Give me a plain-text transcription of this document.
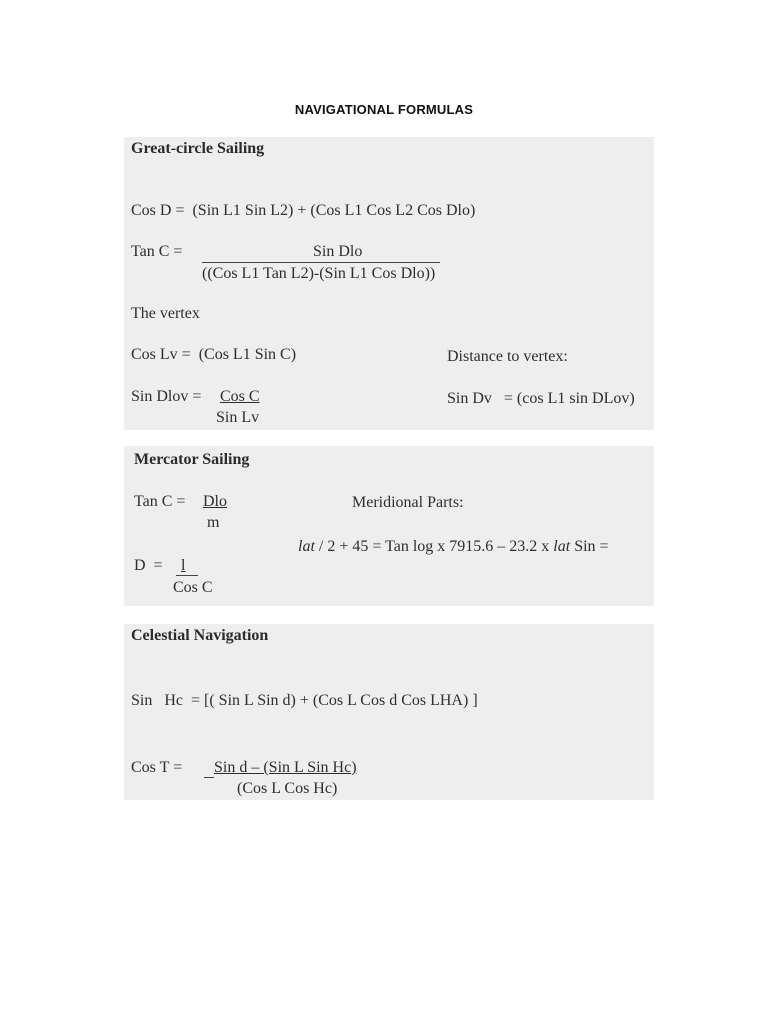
NAVIGATIONAL FORMULAS
Great-circle Sailing
Cos D =  (Sin L1 Sin L2) + (Cos L1 Cos L2 Cos Dlo)
Tan C =	Sin Dlo
((Cos L1 Tan L2)-(Sin L1 Cos Dlo))
The vertex
Cos Lv =  (Cos L1 Sin C)	Distance to vertex:
Sin Dlov = Cos C
Sin Lv
Sin Dv   = (cos L1 sin DLov)
Mercator Sailing
Tan C = Dlo
m
Meridional Parts:
lat / 2 + 45 = Tan log x 7915.6 – 23.2 x lat Sin =
D  = l
Cos C
Celestial Navigation
Sin   Hc  = [( Sin L Sin d) + (Cos L Cos d Cos LHA) ]
Cos T = Sin d – (Sin L Sin Hc)
(Cos L Cos Hc)
